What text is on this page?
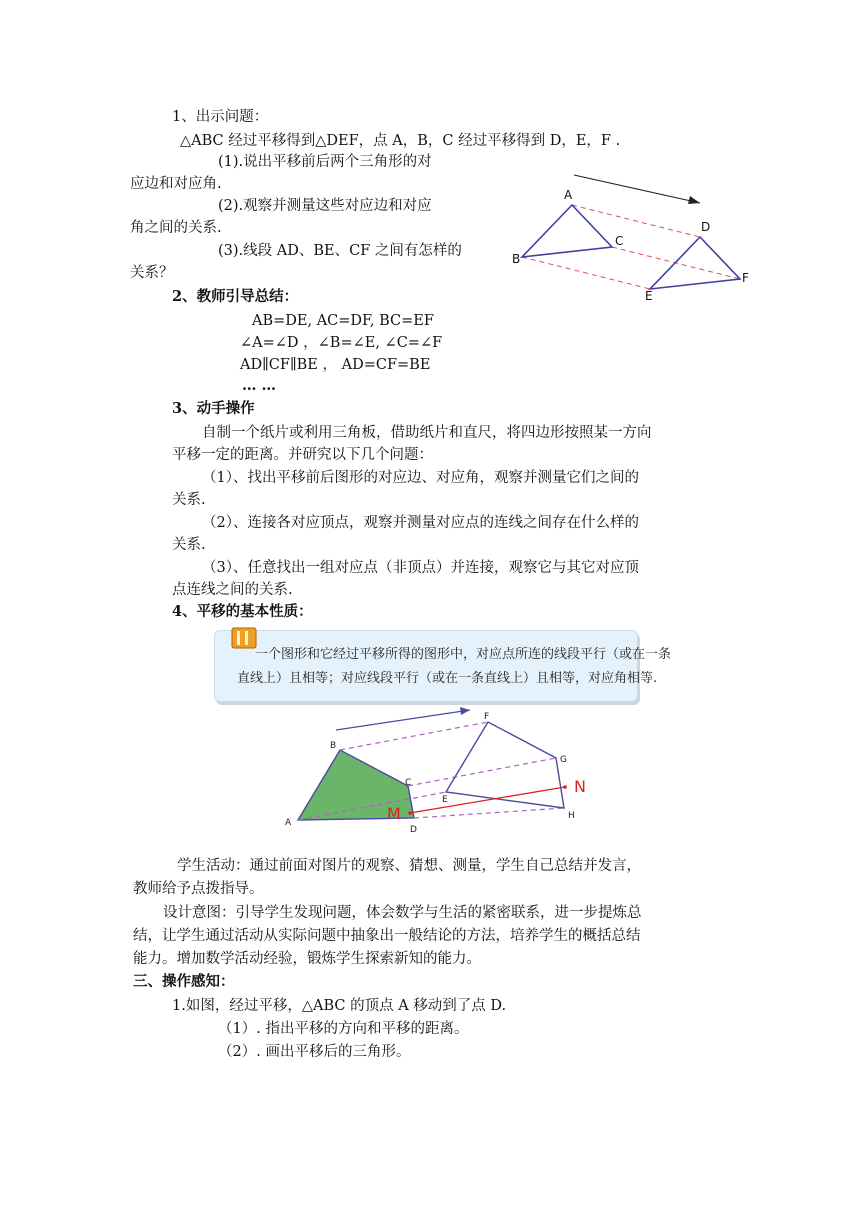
1、出示问题：
△ABC 经过平移得到△DEF，点 A，B，C 经过平移得到 D，E，F .
(1).说出平移前后两个三角形的对
应边和对应角.
(2).观察并测量这些对应边和对应
角之间的关系.
(3).线段 AD、BE、CF 之间有怎样的
关系？
A
B
C
D
E
F
2、教师引导总结：
AB=DE, AC=DF, BC=EF
∠A=∠D ，∠B=∠E, ∠C=∠F
AD∥CF∥BE ， AD=CF=BE
… …
3、动手操作
自制一个纸片或利用三角板，借助纸片和直尺，将四边形按照某一方向
平移一定的距离。并研究以下几个问题：
（1）、找出平移前后图形的对应边、对应角，观察并测量它们之间的
关系.
（2）、连接各对应顶点，观察并测量对应点的连线之间存在什么样的
关系.
（3）、任意找出一组对应点（非顶点）并连接，观察它与其它对应顶
点连线之间的关系.
4、平移的基本性质：
一个图形和它经过平移所得的图形中，对应点所连的线段平行（或在一条
直线上）且相等；对应线段平行（或在一条直线上）且相等，对应角相等.
A
B
C
D
E
F
G
H
M
N
学生活动：通过前面对图片的观察、猜想、测量，学生自己总结并发言，
教师给予点拨指导。
设计意图：引导学生发现问题，体会数学与生活的紧密联系，进一步提炼总
结，让学生通过活动从实际问题中抽象出一般结论的方法，培养学生的概括总结
能力。增加数学活动经验，锻炼学生探索新知的能力。
三、操作感知：
1.如图，经过平移，△ABC 的顶点 A 移动到了点 D.
（1）. 指出平移的方向和平移的距离。
（2）. 画出平移后的三角形。
